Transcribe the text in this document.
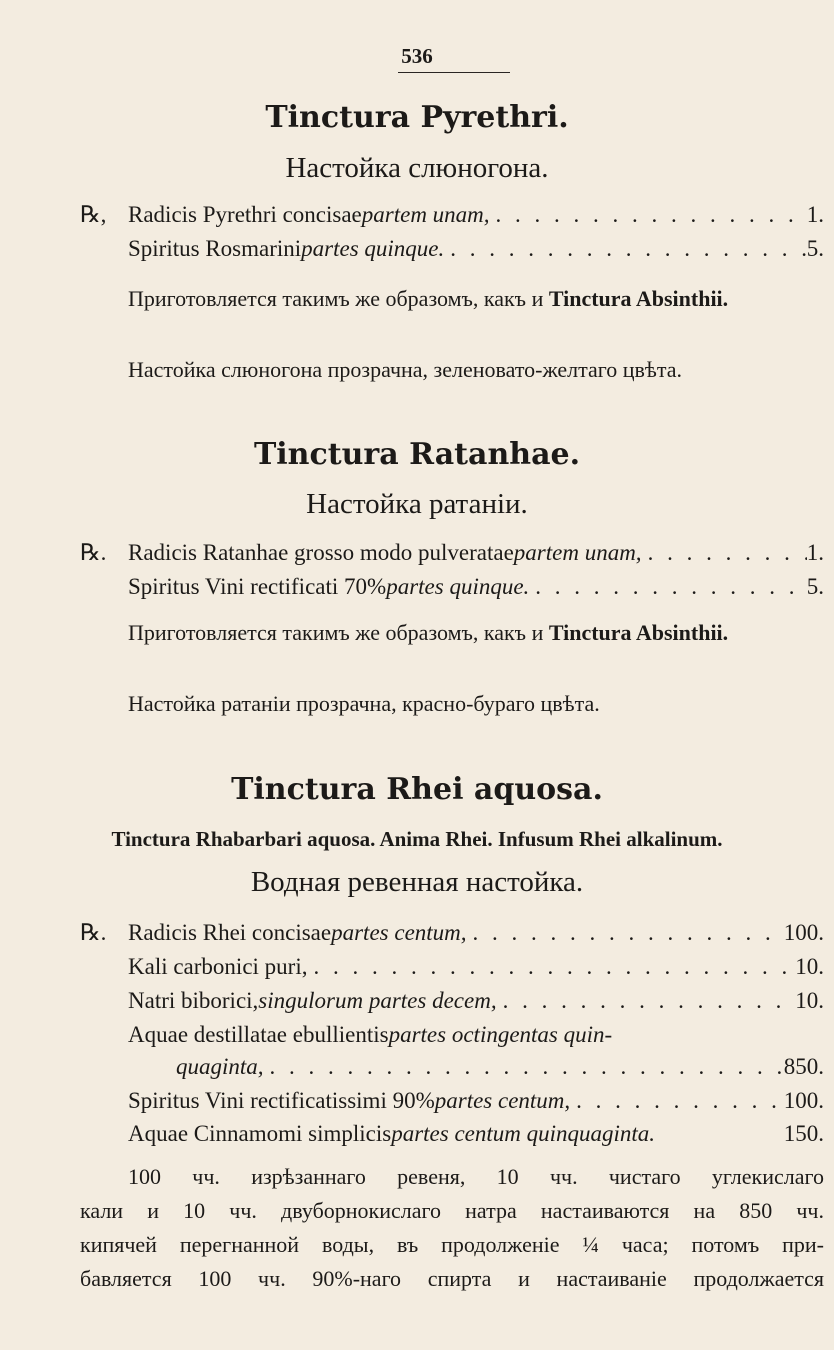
536
Tinctura Pyrethri.
Настойка слюногона.
℞, Radicis Pyrethri concisae partem unam, . . .	1.
Spiritus Rosmarini partes quinque. . . .	5.
Приготовляется такимъ же образомъ, какъ и Tinctura Absinthii.
Настойка слюногона прозрачна, зеленовато-желтаго цвѣта.
Tinctura Ratanhae.
Настойка ратаніи.
℞. Radicis Ratanhae grosso modo pulveratae partem unam, . . .	1.
Spiritus Vini rectificati 70% partes quinque. . . .	5.
Приготовляется такимъ же образомъ, какъ и Tinctura Absinthii.
Настойка ратаніи прозрачна, красно-бураго цвѣта.
Tinctura Rhei aquosa.
Tinctura Rhabarbari aquosa. Anima Rhei. Infusum Rhei alkalinum.
Водная ревенная настойка.
℞. Radicis Rhei concisae partes centum, . . .	100.
Kali carbonici puri, . . .	10.
Natri biborici, singulorum partes decem, . . .	10.
Aquae destillatae ebullientis partes octingentas quin-
quaginta, . . .	850.
Spiritus Vini rectificatissimi 90% partes centum, . . .	100.
Aquae Cinnamomi simplicis partes centum quinquaginta.	150.
100 чч. изрѣзаннаго ревеня, 10 чч. чистаго углекислаго
кали и 10 чч. двуборнокислаго натра настаиваются на 850 чч.
кипячей перегнанной воды, въ продолженіе ¼ часа; потомъ при-
бавляется 100 чч. 90%-наго спирта и настаиваніе продолжается
